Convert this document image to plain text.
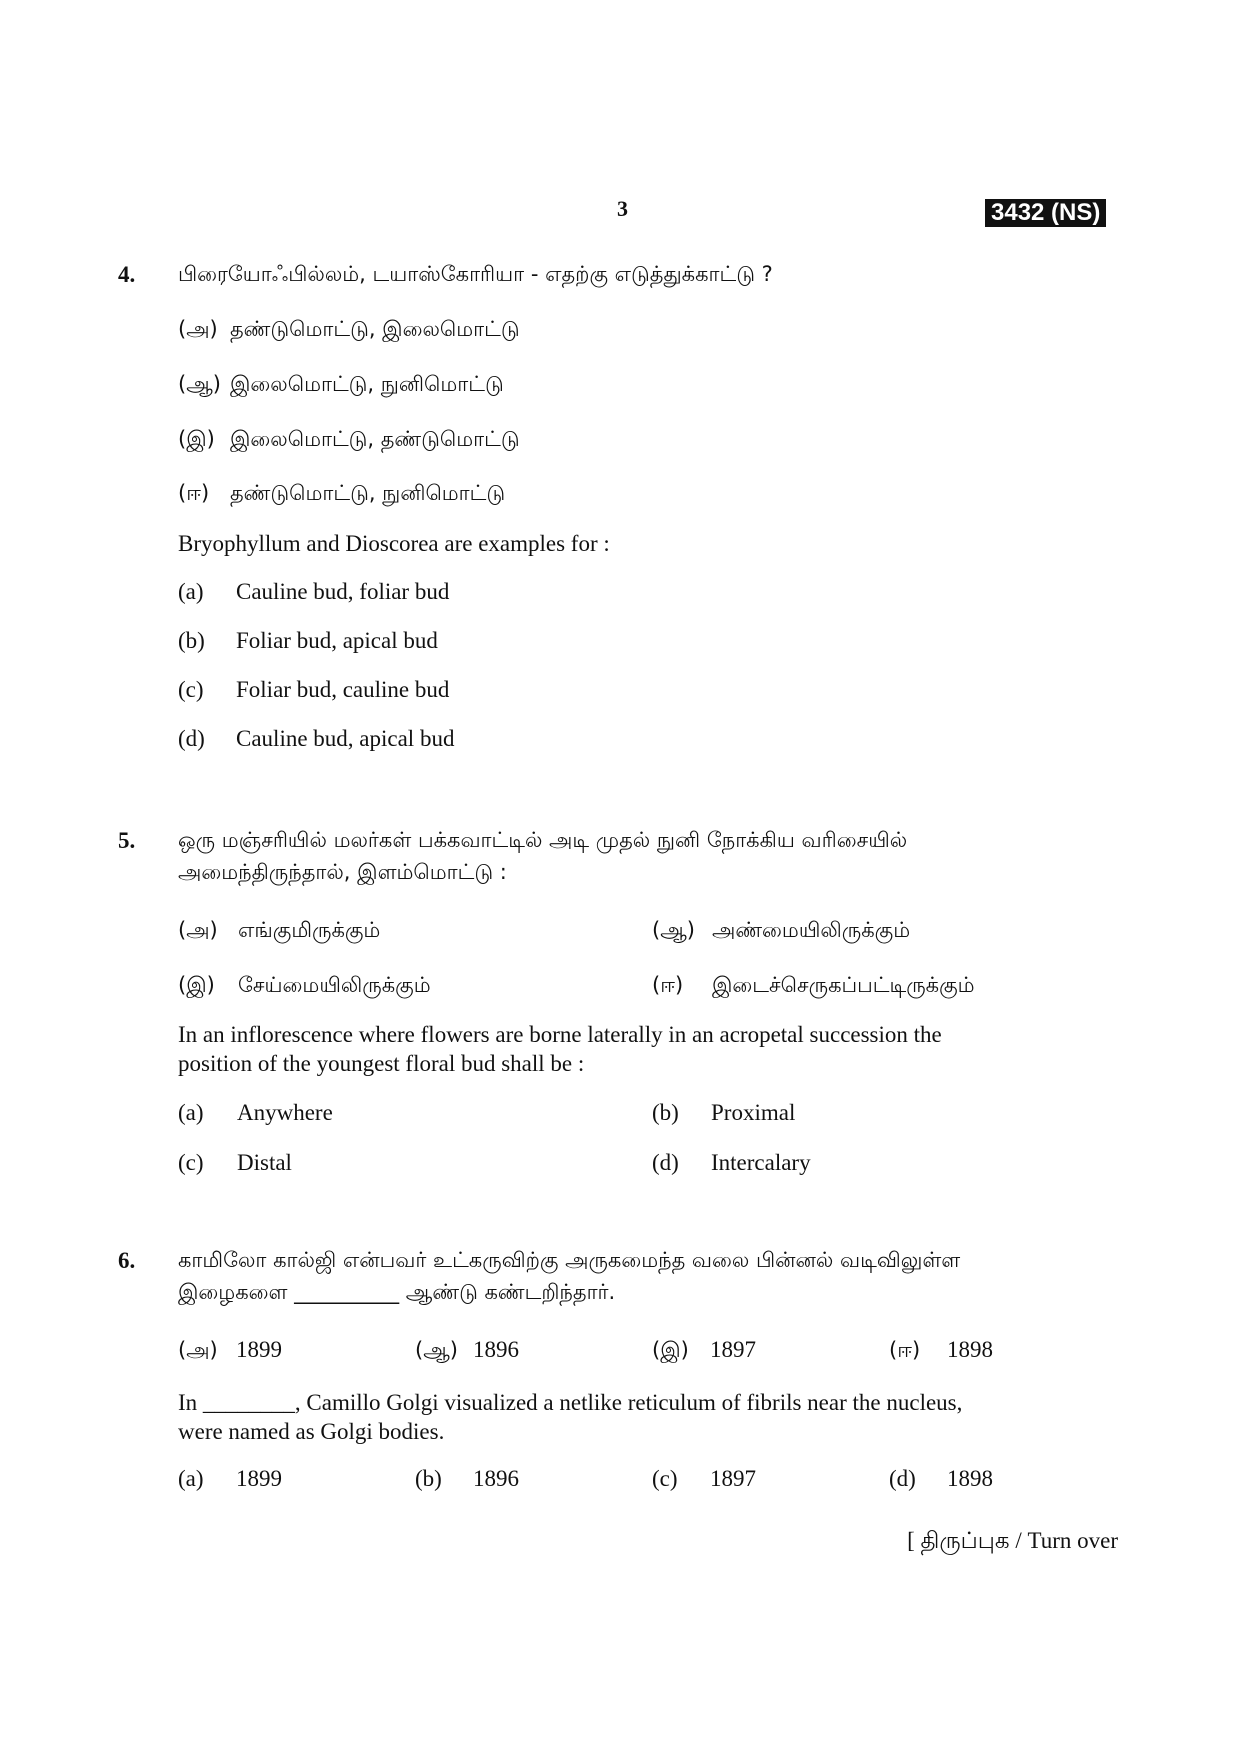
3	3432 (NS)
4. பிரையோஃபில்லம், டயாஸ்கோரியா - எதற்கு எடுத்துக்காட்டு ?
(அ) தண்டுமொட்டு, இலைமொட்டு
(ஆ) இலைமொட்டு, நுனிமொட்டு
(இ) இலைமொட்டு, தண்டுமொட்டு
(ஈ) தண்டுமொட்டு, நுனிமொட்டு
Bryophyllum and Dioscorea are examples for :
(a) Cauline bud, foliar bud
(b) Foliar bud, apical bud
(c) Foliar bud, cauline bud
(d) Cauline bud, apical bud
5. ஒரு மஞ்சரியில் மலர்கள் பக்கவாட்டில் அடி முதல் நுனி நோக்கிய வரிசையில்
அமைந்திருந்தால், இளம்மொட்டு :
(அ) எங்குமிருக்கும்	(ஆ) அண்மையிலிருக்கும்
(இ) சேய்மையிலிருக்கும்	(ஈ) இடைச்செருகப்பட்டிருக்கும்
In an inflorescence where flowers are borne laterally in an acropetal succession the
position of the youngest floral bud shall be :
(a) Anywhere	(b) Proximal
(c) Distal	(d) Intercalary
6. காமிலோ கால்ஜி என்பவர் உட்கருவிற்கு அருகமைந்த வலை பின்னல் வடிவிலுள்ள
இழைகளை __________ ஆண்டு கண்டறிந்தார்.
(அ) 1899	(ஆ) 1896	(இ) 1897	(ஈ) 1898
In ________, Camillo Golgi visualized a netlike reticulum of fibrils near the nucleus,
were named as Golgi bodies.
(a) 1899	(b) 1896	(c) 1897	(d) 1898
[ திருப்புக / Turn over
